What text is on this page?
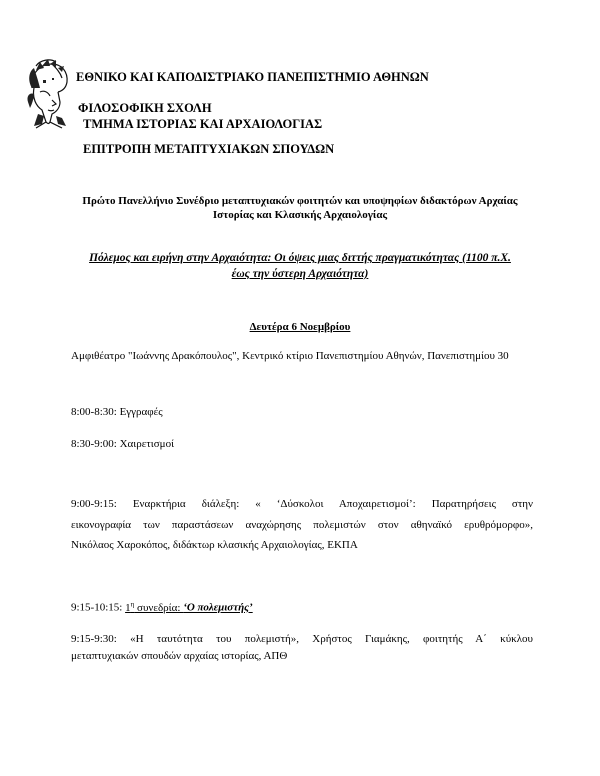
ΕΘΝΙΚΟ ΚΑΙ ΚΑΠΟΔΙΣΤΡΙΑΚΟ ΠΑΝΕΠΙΣΤΗΜΙΟ ΑΘΗΝΩΝ
ΦΙΛΟΣΟΦΙΚΗ ΣΧΟΛΗ
ΤΜΗΜΑ ΙΣΤΟΡΙΑΣ ΚΑΙ ΑΡΧΑΙΟΛΟΓΙΑΣ
ΕΠΙΤΡΟΠΗ ΜΕΤΑΠΤΥΧΙΑΚΩΝ ΣΠΟΥΔΩΝ
Πρώτο Πανελλήνιο Συνέδριο μεταπτυχιακών φοιτητών και υποψηφίων διδακτόρων Αρχαίας
Ιστορίας και Κλασικής Αρχαιολογίας
Πόλεμος και ειρήνη στην Αρχαιότητα: Οι όψεις μιας διττής πραγματικότητας (1100 π.Χ.
έως την ύστερη Αρχαιότητα)
Δευτέρα 6 Νοεμβρίου
Αμφιθέατρο "Ιωάννης Δρακόπουλος", Κεντρικό κτίριο Πανεπιστημίου Αθηνών, Πανεπιστημίου 30
8:00-8:30: Εγγραφές
8:30-9:00: Χαιρετισμοί
9:00-9:15: Εναρκτήρια διάλεξη: « ‘Δύσκολοι Αποχαιρετισμοί’: Παρατηρήσεις στην
εικονογραφία των παραστάσεων αναχώρησης πολεμιστών στον αθηναϊκό ερυθρόμορφο»,
Νικόλαος Χαροκόπος, διδάκτωρ κλασικής Αρχαιολογίας, ΕΚΠΑ
9:15-10:15: $1^\eta$ συνεδρία: ‘Ο πολεμιστής’
9:15-9:30: «Η ταυτότητα του πολεμιστή», Χρήστος Γιαμάκης, φοιτητής Α΄ κύκλου
μεταπτυχιακών σπουδών αρχαίας ιστορίας, ΑΠΘ
